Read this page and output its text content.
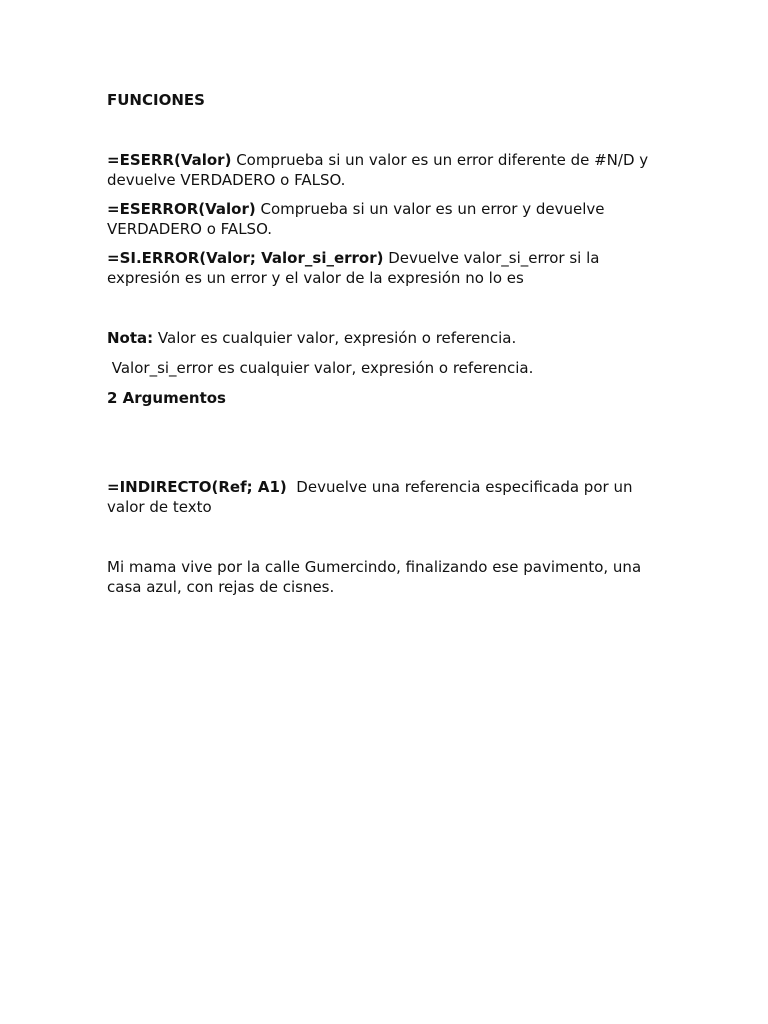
FUNCIONES

=ESERR(Valor) Comprueba si un valor es un error diferente de #N/D y devuelve VERDADERO o FALSO.

=ESERROR(Valor) Comprueba si un valor es un error y devuelve VERDADERO o FALSO.

=SI.ERROR(Valor; Valor_si_error) Devuelve valor_si_error si la expresión es un error y el valor de la expresión no lo es

Nota: Valor es cualquier valor, expresión o referencia.

Valor_si_error es cualquier valor, expresión o referencia.

2 Argumentos

=INDIRECTO(Ref; A1)  Devuelve una referencia especificada por un valor de texto

Mi mama vive por la calle Gumercindo, finalizando ese pavimento, una casa azul, con rejas de cisnes.
